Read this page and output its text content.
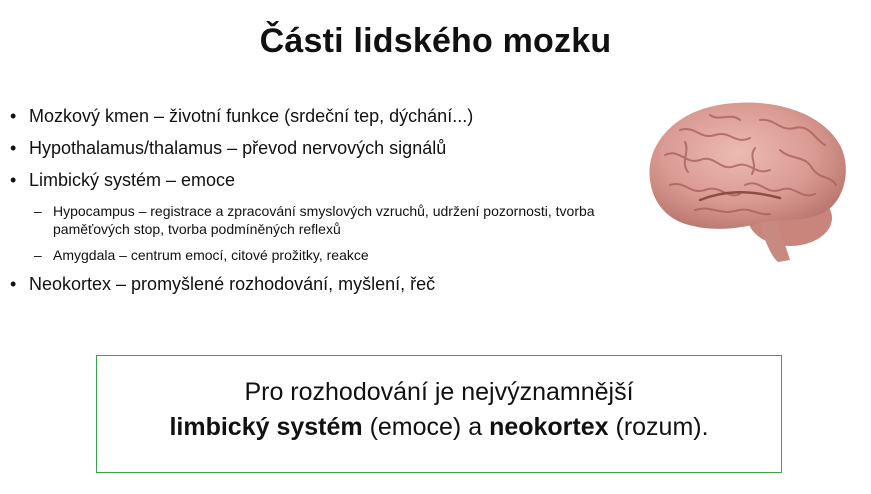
Části lidského mozku
• Mozkový kmen – životní funkce (srdeční tep, dýchání...)
• Hypothalamus/thalamus – převod nervových signálů
• Limbický systém – emoce
– Hypocampus – registrace a zpracování smyslových vzruchů, udržení pozornosti, tvorba paměťových stop, tvorba podmíněných reflexů
– Amygdala – centrum emocí, citové prožitky, reakce
• Neokortex – promyšlené rozhodování, myšlení, řeč
Pro rozhodování je nejvýznamnější
limbický systém (emoce) a neokortex (rozum).
